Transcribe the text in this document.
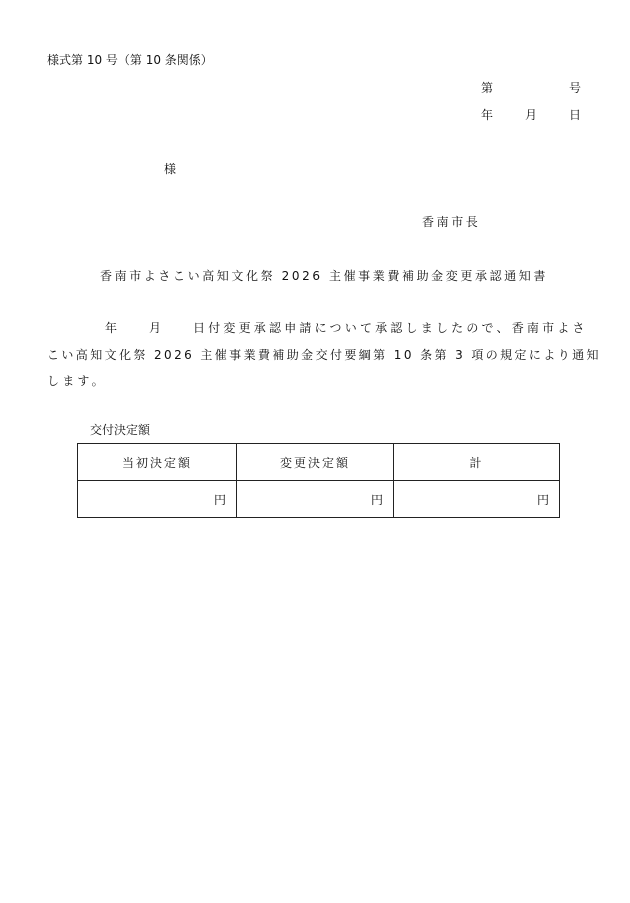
様式第 10 号（第 10 条関係）
第	号
年	月	日
様
香南市長
香南市よさこい高知文化祭 2026 主催事業費補助金変更承認通知書
年	月	日付変更承認申請について承認しましたので、香南市よさ
こい高知文化祭 2026 主催事業費補助金交付要綱第 10 条第 3 項の規定により通知
します。
交付決定額
当初決定額	変更決定額	計
円	円	円
